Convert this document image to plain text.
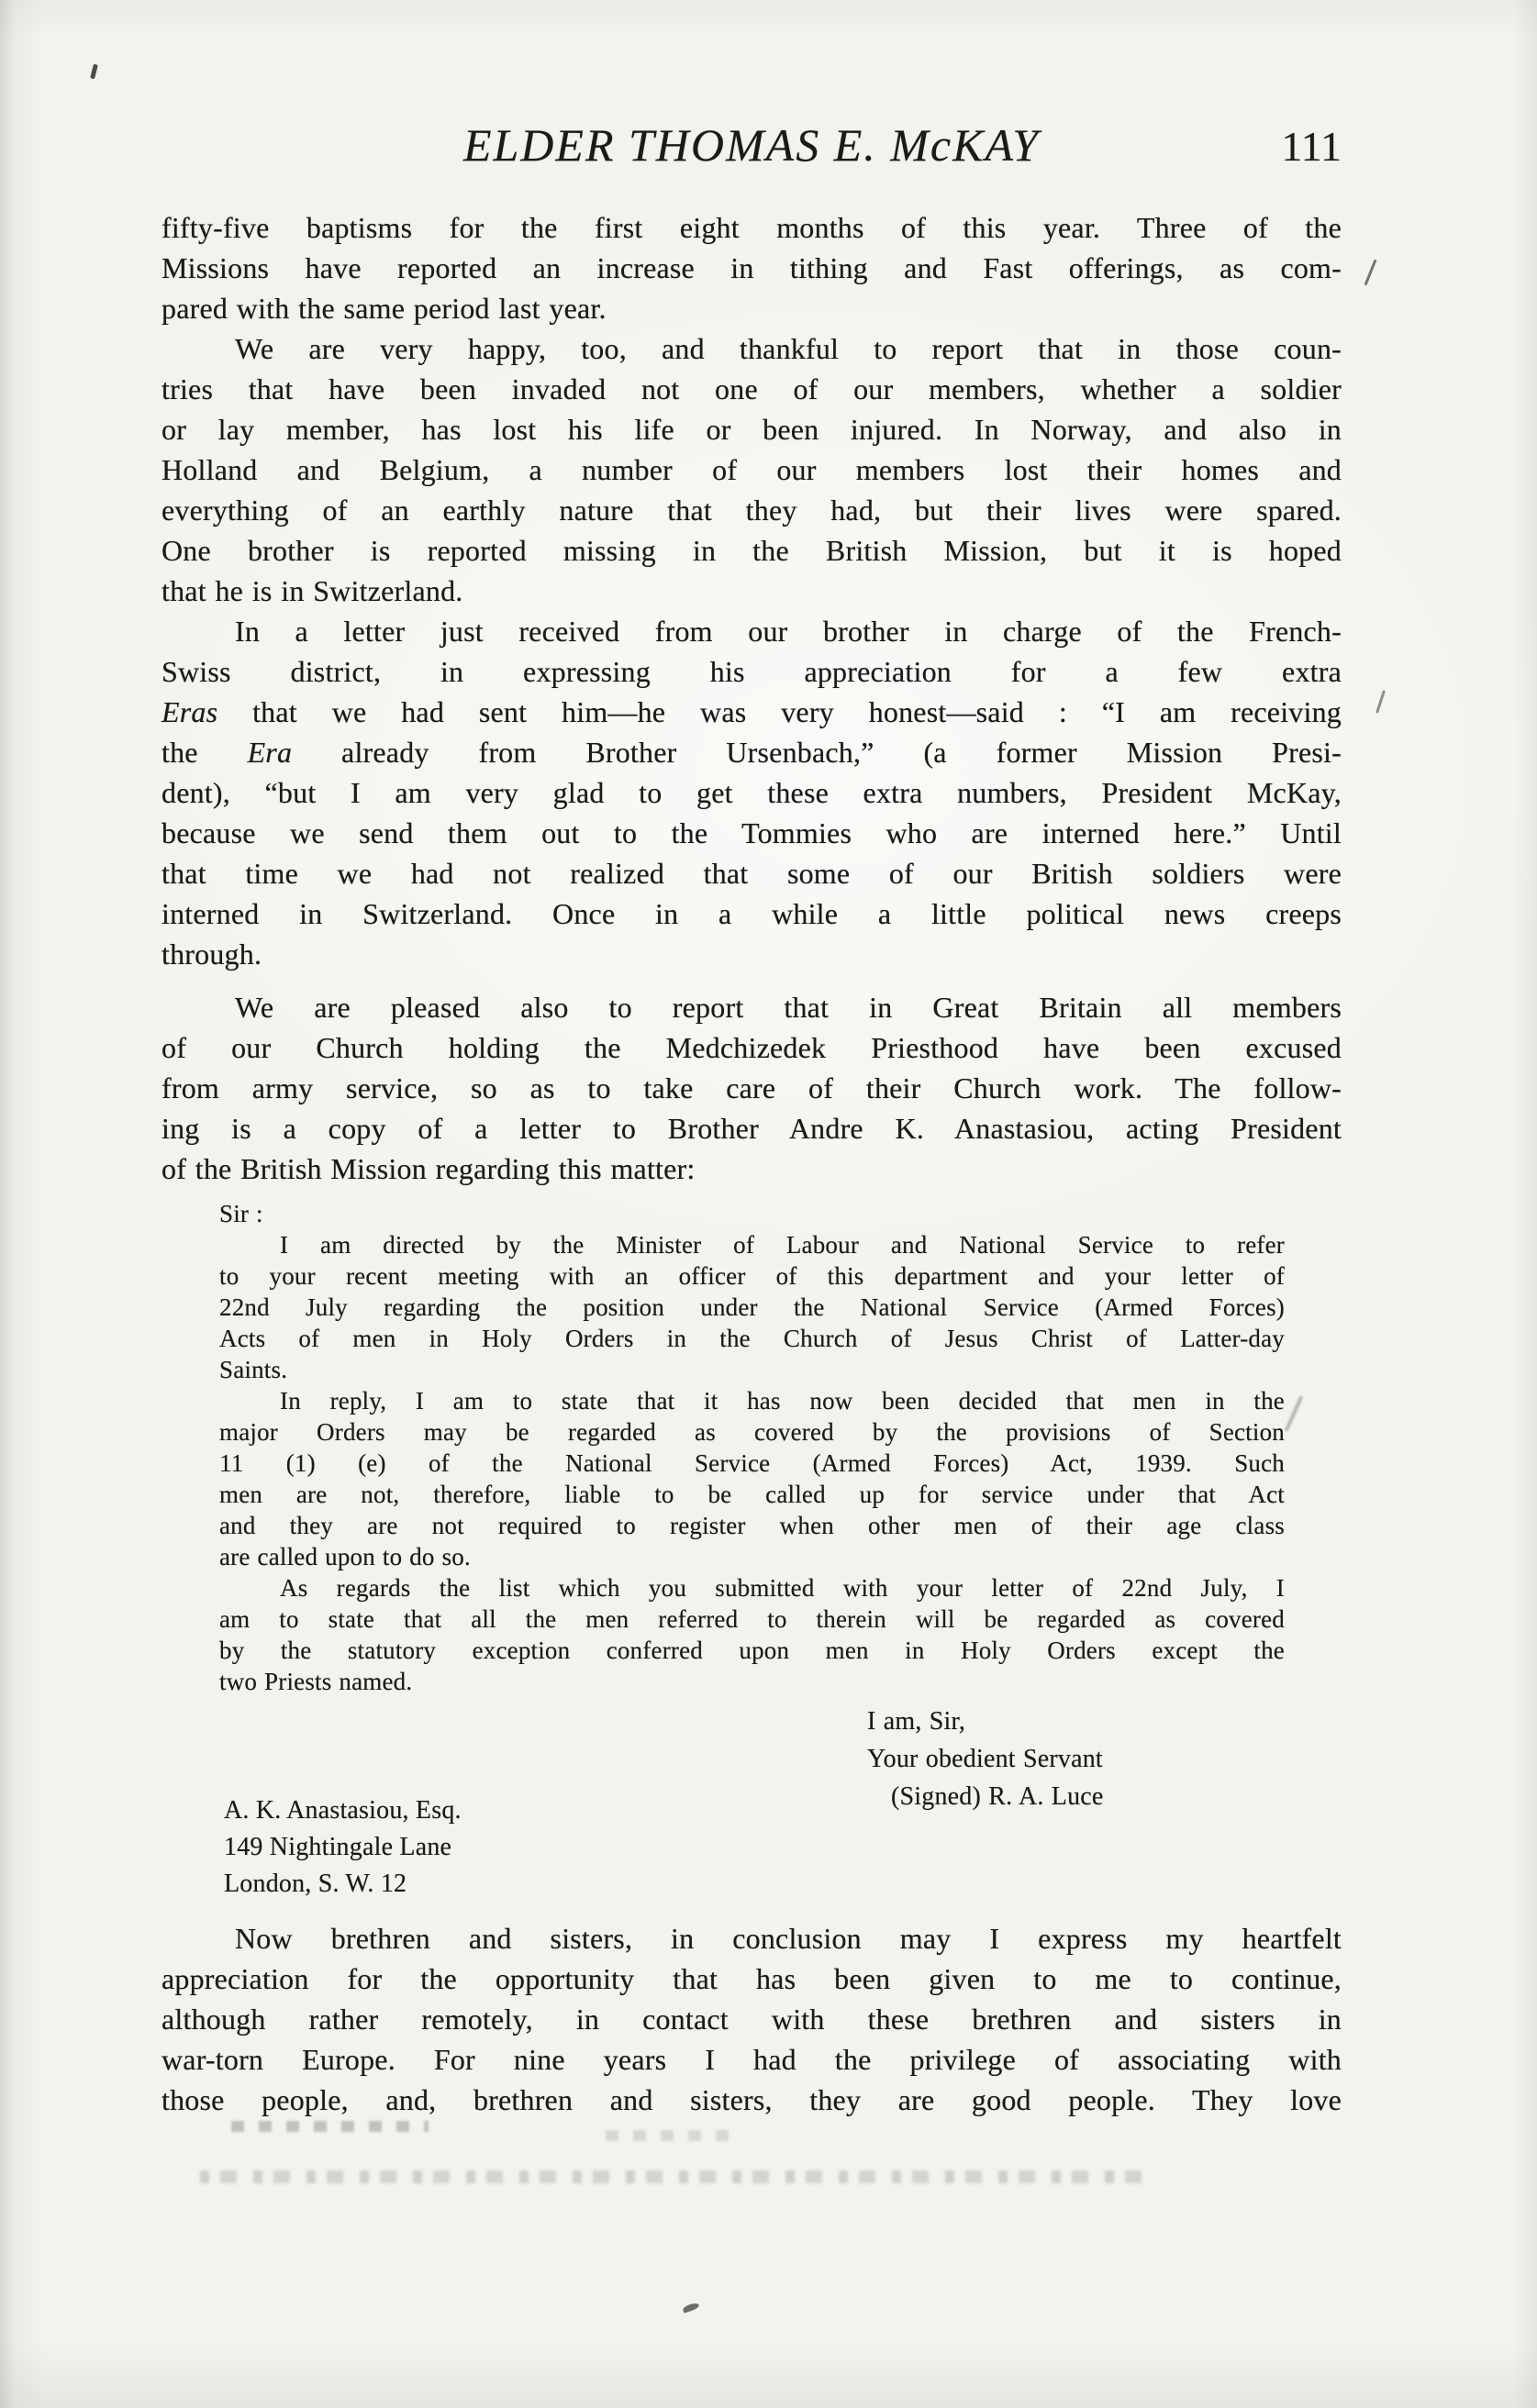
ELDER THOMAS E. McKAY	111
fifty-five baptisms for the first eight months of this year. Three of the
Missions have reported an increase in tithing and Fast offerings, as com-
pared with the same period last year.
We are very happy, too, and thankful to report that in those coun-
tries that have been invaded not one of our members, whether a soldier
or lay member, has lost his life or been injured. In Norway, and also in
Holland and Belgium, a number of our members lost their homes and
everything of an earthly nature that they had, but their lives were spared.
One brother is reported missing in the British Mission, but it is hoped
that he is in Switzerland.
In a letter just received from our brother in charge of the French-
Swiss district, in expressing his appreciation for a few extra
Eras that we had sent him—he was very honest—said : “I am receiving
the Era already from Brother Ursenbach,” (a former Mission Presi-
dent), “but I am very glad to get these extra numbers, President McKay,
because we send them out to the Tommies who are interned here.” Until
that time we had not realized that some of our British soldiers were
interned in Switzerland. Once in a while a little political news creeps
through.
We are pleased also to report that in Great Britain all members
of our Church holding the Medchizedek Priesthood have been excused
from army service, so as to take care of their Church work. The follow-
ing is a copy of a letter to Brother Andre K. Anastasiou, acting President
of the British Mission regarding this matter:
Sir :
I am directed by the Minister of Labour and National Service to refer
to your recent meeting with an officer of this department and your letter of
22nd July regarding the position under the National Service (Armed Forces)
Acts of men in Holy Orders in the Church of Jesus Christ of Latter-day
Saints.
In reply, I am to state that it has now been decided that men in the
major Orders may be regarded as covered by the provisions of Section
11 (1) (e) of the National Service (Armed Forces) Act, 1939. Such
men are not, therefore, liable to be called up for service under that Act
and they are not required to register when other men of their age class
are called upon to do so.
As regards the list which you submitted with your letter of 22nd July, I
am to state that all the men referred to therein will be regarded as covered
by the statutory exception conferred upon men in Holy Orders except the
two Priests named.
I am, Sir,
Your obedient Servant
(Signed) R. A. Luce
A. K. Anastasiou, Esq.
149 Nightingale Lane
London, S. W. 12
Now brethren and sisters, in conclusion may I express my heartfelt
appreciation for the opportunity that has been given to me to continue,
although rather remotely, in contact with these brethren and sisters in
war-torn Europe. For nine years I had the privilege of associating with
those people, and, brethren and sisters, they are good people. They love
